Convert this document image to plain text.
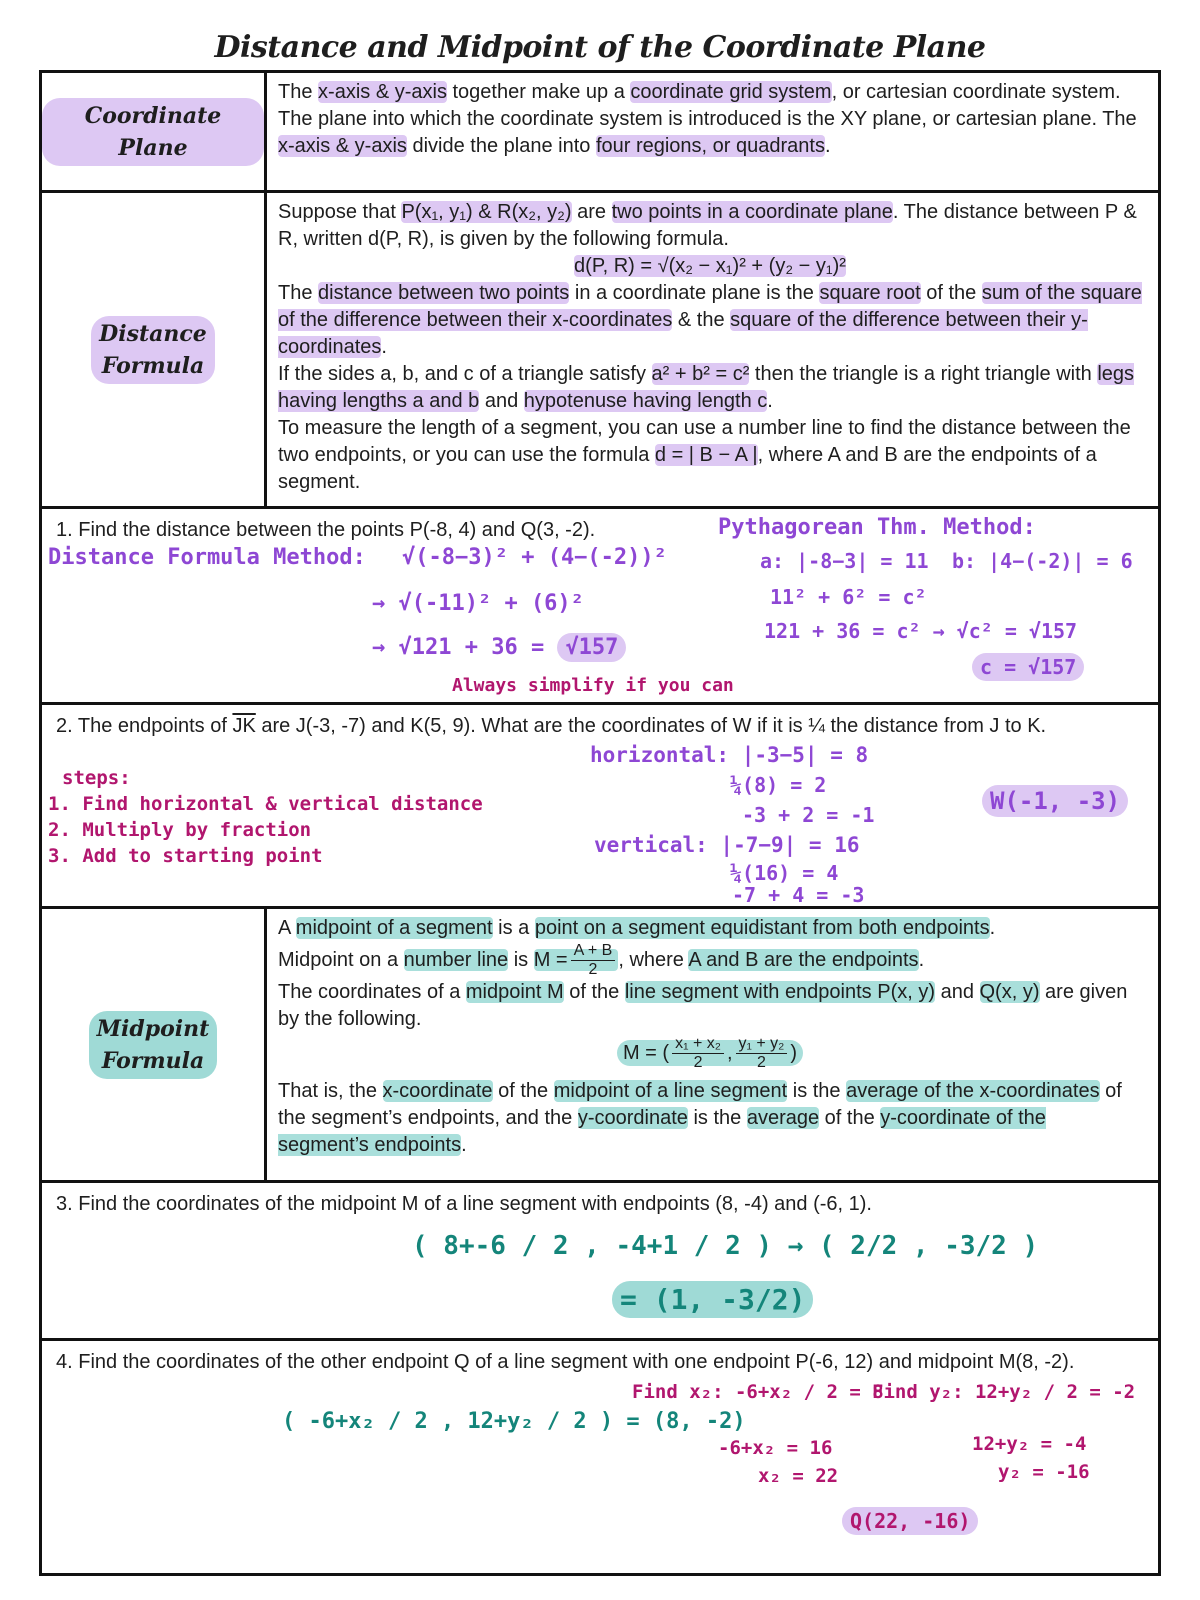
Distance and Midpoint of the Coordinate Plane
Coordinate Plane
The x-axis & y-axis together make up a coordinate grid system, or cartesian coordinate system. The plane into which the coordinate system is introduced is the XY plane, or cartesian plane. The x-axis & y-axis divide the plane into four regions, or quadrants.
Distance
Formula
Suppose that P(x₁, y₁) & R(x₂, y₂) are two points in a coordinate plane. The distance between P & R, written d(P, R), is given by the following formula.
d(P, R) = √(x₂ − x₁)² + (y₂ − y₁)²
The distance between two points in a coordinate plane is the square root of the sum of the square of the difference between their x-coordinates & the square of the difference between their y-coordinates.
If the sides a, b, and c of a triangle satisfy a² + b² = c² then the triangle is a right triangle with legs having lengths a and b and hypotenuse having length c.
To measure the length of a segment, you can use a number line to find the distance between the two endpoints, or you can use the formula d = | B − A |, where A and B are the endpoints of a segment.
1. Find the distance between the points P(-8, 4) and Q(3, -2).
Distance Formula Method: √(-8−3)² + (4−(-2))²
→ √(-11)² + (6)²
→ √121 + 36 = √157
Always simplify if you can
Pythagorean Thm. Method:
a: |-8−3| = 11 b: |4−(-2)| = 6
11² + 6² = c²
121 + 36 = c² → √c² = √157
c = √157
2. The endpoints of $\overline{JK}$ are J(-3, -7) and K(5, 9). What are the coordinates of W if it is ¼ the distance from J to K.
steps:
1. Find horizontal & vertical distance
2. Multiply by fraction
3. Add to starting point
horizontal: |-3−5| = 8
¼(8) = 2
-3 + 2 = -1
vertical: |-7−9| = 16
¼(16) = 4
-7 + 4 = -3
W(-1, -3)
Midpoint
Formula
A midpoint of a segment is a point on a segment equidistant from both endpoints.
Midpoint on a number line is $M = \frac{A + B}{2}$ , where A and B are the endpoints.
The coordinates of a midpoint M of the line segment with endpoints P(x, y) and Q(x, y) are given by the following.
M = ( $\frac{\text{x₁ + x₂}}{2}$ , $\frac{\text{y₁ + y₂}}{2}$ )
That is, the x-coordinate of the midpoint of a line segment is the average of the x-coordinates of the segment’s endpoints, and the y-coordinate is the average of the y-coordinate of the segment’s endpoints.
3. Find the coordinates of the midpoint M of a line segment with endpoints (8, -4) and (-6, 1).
( 8+-6 / 2 , -4+1 / 2 ) → ( 2/2 , -3/2 )
= (1, -3/2)
4. Find the coordinates of the other endpoint Q of a line segment with one endpoint P(-6, 12) and midpoint M(8, -2).
( -6+x₂ / 2 , 12+y₂ / 2 ) = (8, -2)
Find x₂: -6+x₂ / 2 = 8
-6+x₂ = 16
x₂ = 22
Find y₂: 12+y₂ / 2 = -2
12+y₂ = -4
y₂ = -16
Q(22, -16)
